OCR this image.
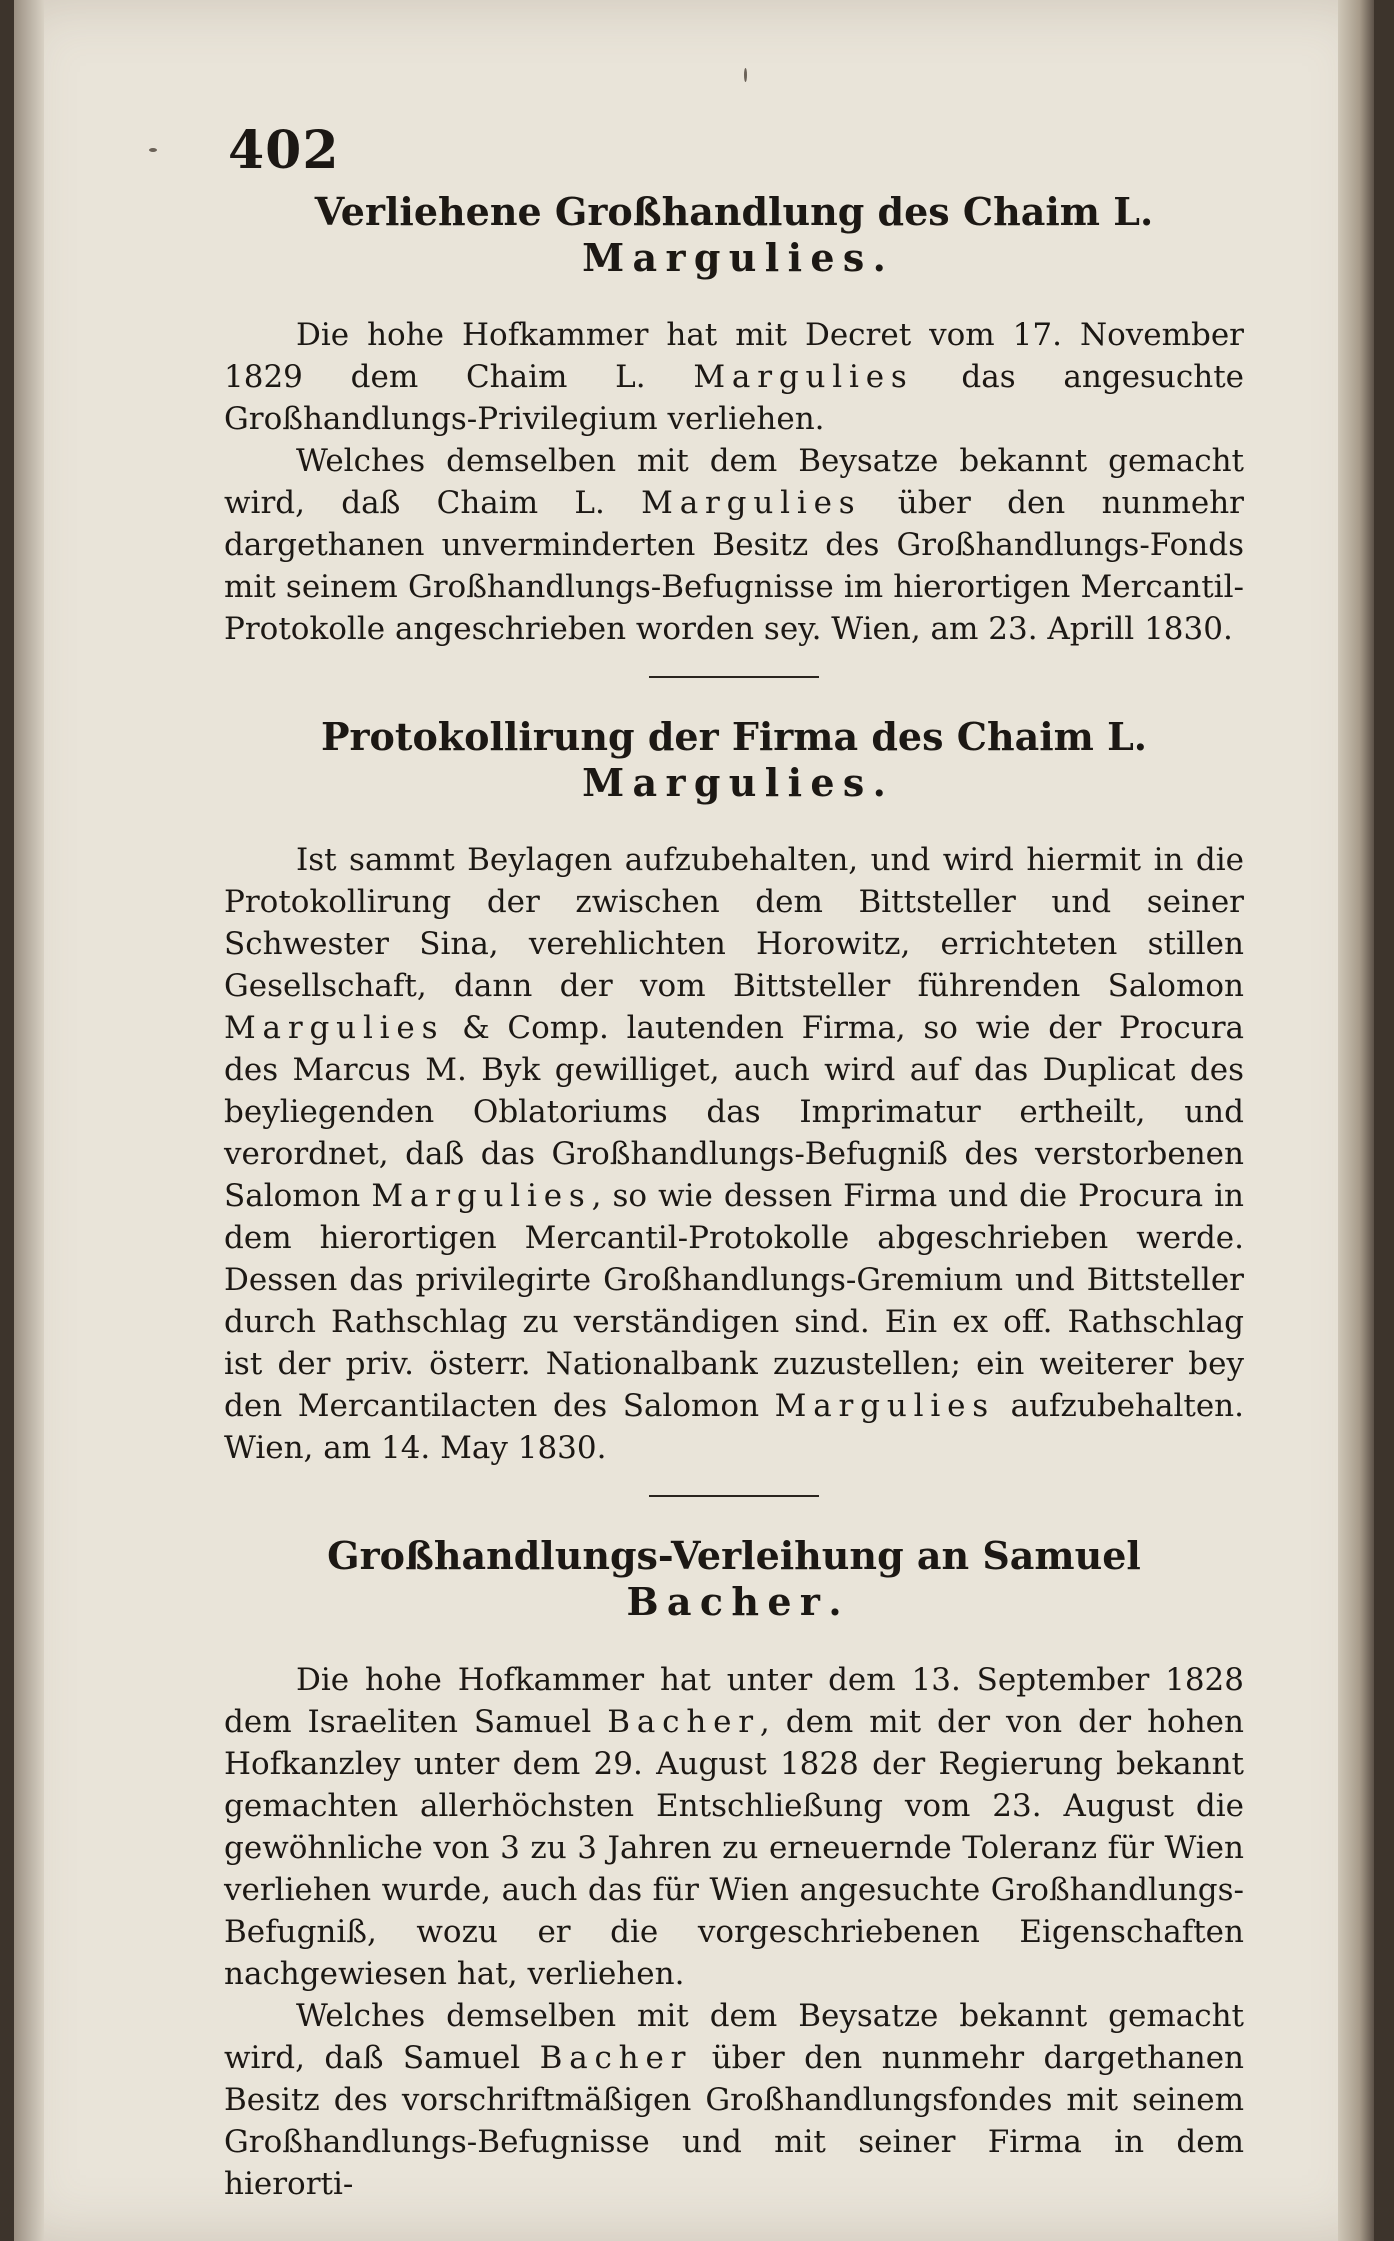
402
Verliehene Großhandlung des Chaim L. Margulies.

Die hohe Hofkammer hat mit Decret vom 17. November 1829 dem Chaim L. Margulies das angesuchte Großhandlungs-Privilegium verliehen.

Welches demselben mit dem Beysatze bekannt gemacht wird, daß Chaim L. Margulies über den nunmehr dargethanen unverminderten Besitz des Großhandlungs-Fonds mit seinem Großhandlungs-Befugnisse im hierortigen Mercantil-Protokolle angeschrieben worden sey. Wien, am 23. Aprill 1830.

Protokollirung der Firma des Chaim L. Margulies.

Ist sammt Beylagen aufzubehalten, und wird hiermit in die Protokollirung der zwischen dem Bittsteller und seiner Schwester Sina, verehlichten Horowitz, errichteten stillen Gesellschaft, dann der vom Bittsteller führenden Salomon Margulies & Comp. lautenden Firma, so wie der Procura des Marcus M. Byk gewilliget, auch wird auf das Duplicat des beyliegenden Oblatoriums das Imprimatur ertheilt, und verordnet, daß das Großhandlungs-Befugniß des verstorbenen Salomon Margulies, so wie dessen Firma und die Procura in dem hierortigen Mercantil-Protokolle abgeschrieben werde. Dessen das privilegirte Großhandlungs-Gremium und Bittsteller durch Rathschlag zu verständigen sind. Ein ex off. Rathschlag ist der priv. österr. Nationalbank zuzustellen; ein weiterer bey den Mercantilacten des Salomon Margulies aufzubehalten. Wien, am 14. May 1830.

Großhandlungs-Verleihung an Samuel Bacher.

Die hohe Hofkammer hat unter dem 13. September 1828 dem Israeliten Samuel Bacher, dem mit der von der hohen Hofkanzley unter dem 29. August 1828 der Regierung bekannt gemachten allerhöchsten Entschließung vom 23. August die gewöhnliche von 3 zu 3 Jahren zu erneuernde Toleranz für Wien verliehen wurde, auch das für Wien angesuchte Großhandlungs-Befugniß, wozu er die vorgeschriebenen Eigenschaften nachgewiesen hat, verliehen.

Welches demselben mit dem Beysatze bekannt gemacht wird, daß Samuel Bacher über den nunmehr dargethanen Besitz des vorschriftmäßigen Großhandlungsfondes mit seinem Großhandlungs-Befugnisse und mit seiner Firma in dem hierorti-
